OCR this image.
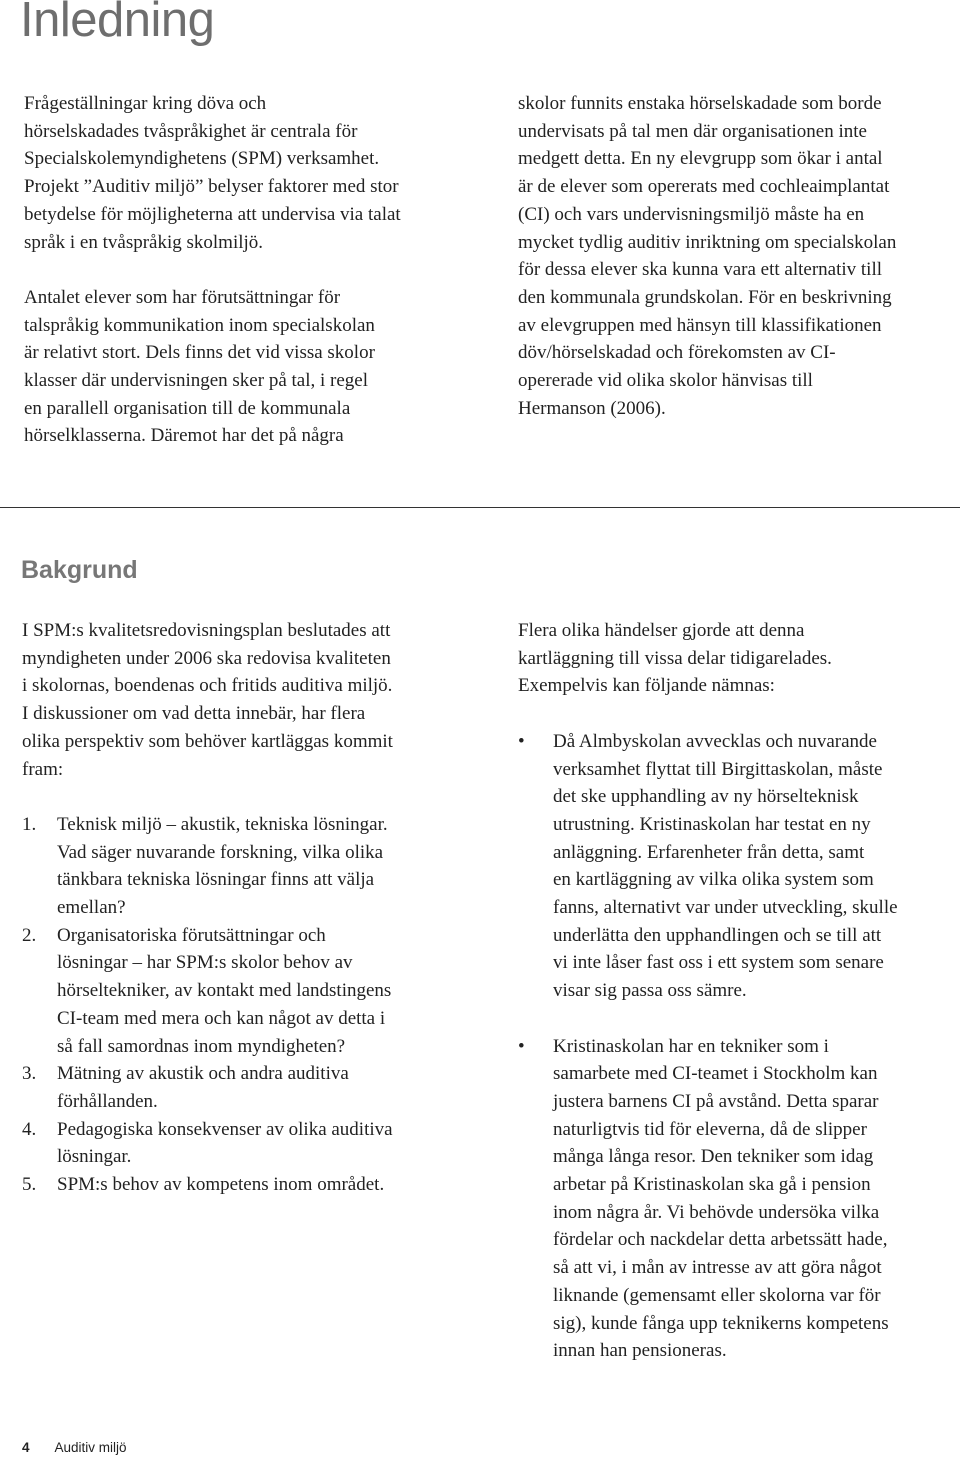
Inledning

Frågeställningar kring döva och
hörselskadades tvåspråkighet är centrala för
Specialskolemyndighetens (SPM) verksamhet.
Projekt ”Auditiv miljö” belyser faktorer med stor
betydelse för möjligheterna att undervisa via talat
språk i en tvåspråkig skolmiljö.

Antalet elever som har förutsättningar för
talspråkig kommunikation inom specialskolan
är relativt stort. Dels finns det vid vissa skolor
klasser där undervisningen sker på tal, i regel
en parallell organisation till de kommunala
hörselklasserna. Däremot har det på några

skolor funnits enstaka hörselskadade som borde
undervisats på tal men där organisationen inte
medgett detta. En ny elevgrupp som ökar i antal
är de elever som opererats med cochleaimplantat
(CI) och vars undervisningsmiljö måste ha en
mycket tydlig auditiv inriktning om specialskolan
för dessa elever ska kunna vara ett alternativ till
den kommunala grundskolan. För en beskrivning
av elevgruppen med hänsyn till klassifikationen
döv/hörselskadad och förekomsten av CI-
opererade vid olika skolor hänvisas till
Hermanson (2006).

Bakgrund

I SPM:s kvalitetsredovisningsplan beslutades att
myndigheten under 2006 ska redovisa kvaliteten
i skolornas, boendenas och fritids auditiva miljö.
I diskussioner om vad detta innebär, har flera
olika perspektiv som behöver kartläggas kommit
fram:

1. Teknisk miljö – akustik, tekniska lösningar.
Vad säger nuvarande forskning, vilka olika
tänkbara tekniska lösningar finns att välja
emellan?
2. Organisatoriska förutsättningar och
lösningar – har SPM:s skolor behov av
hörseltekniker, av kontakt med landstingens
CI-team med mera och kan något av detta i
så fall samordnas inom myndigheten?
3. Mätning av akustik och andra auditiva
förhållanden.
4. Pedagogiska konsekvenser av olika auditiva
lösningar.
5. SPM:s behov av kompetens inom området.

Flera olika händelser gjorde att denna
kartläggning till vissa delar tidigarelades.
Exempelvis kan följande nämnas:

• Då Almbyskolan avvecklas och nuvarande
verksamhet flyttat till Birgittaskolan, måste
det ske upphandling av ny hörselteknisk
utrustning. Kristinaskolan har testat en ny
anläggning. Erfarenheter från detta, samt
en kartläggning av vilka olika system som
fanns, alternativt var under utveckling, skulle
underlätta den upphandlingen och se till att
vi inte låser fast oss i ett system som senare
visar sig passa oss sämre.
• Kristinaskolan har en tekniker som i
samarbete med CI-teamet i Stockholm kan
justera barnens CI på avstånd. Detta sparar
naturligtvis tid för eleverna, då de slipper
många långa resor. Den tekniker som idag
arbetar på Kristinaskolan ska gå i pension
inom några år. Vi behövde undersöka vilka
fördelar och nackdelar detta arbetssätt hade,
så att vi, i mån av intresse av att göra något
liknande (gemensamt eller skolorna var för
sig), kunde fånga upp teknikerns kompetens
innan han pensioneras.
4 Auditiv miljö
